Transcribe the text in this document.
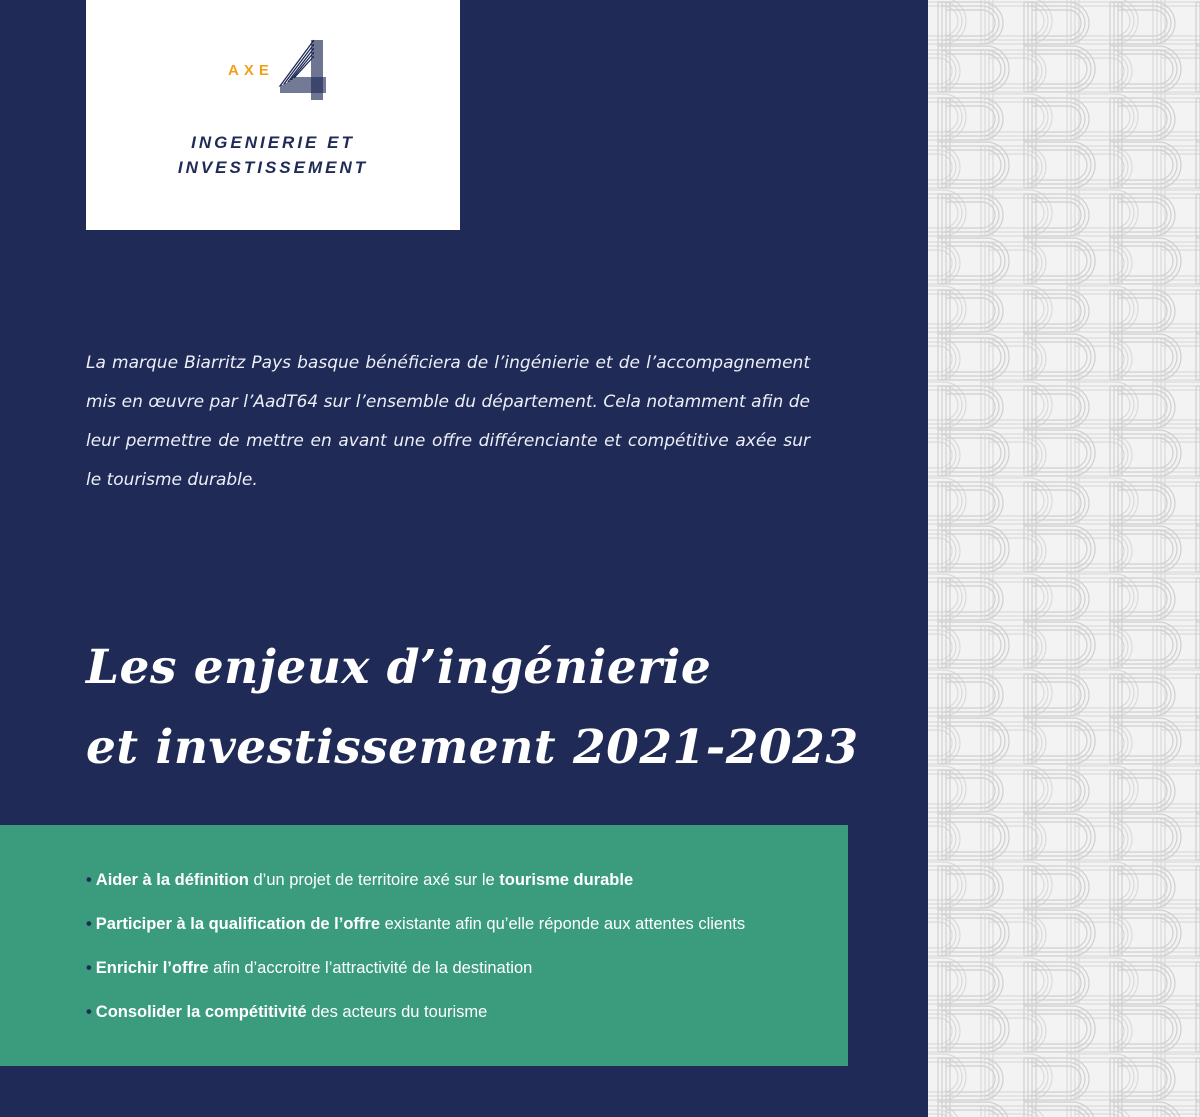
AXE
INGENIERIE ET
INVESTISSEMENT

La marque Biarritz Pays basque bénéficiera de l’ingénierie et de l’accompagnement mis en œuvre par l’AadT64 sur l’ensemble du département. Cela notamment afin de leur permettre de mettre en avant une offre différenciante et compétitive axée sur le tourisme durable.

Les enjeux d’ingénierie
et investissement 2021-2023
• Aider à la définition d’un projet de territoire axé sur le tourisme durable
• Participer à la qualification de l’offre existante afin qu’elle réponde aux attentes clients
• Enrichir l’offre afin d’accroitre l’attractivité de la destination
• Consolider la compétitivité des acteurs du tourisme
